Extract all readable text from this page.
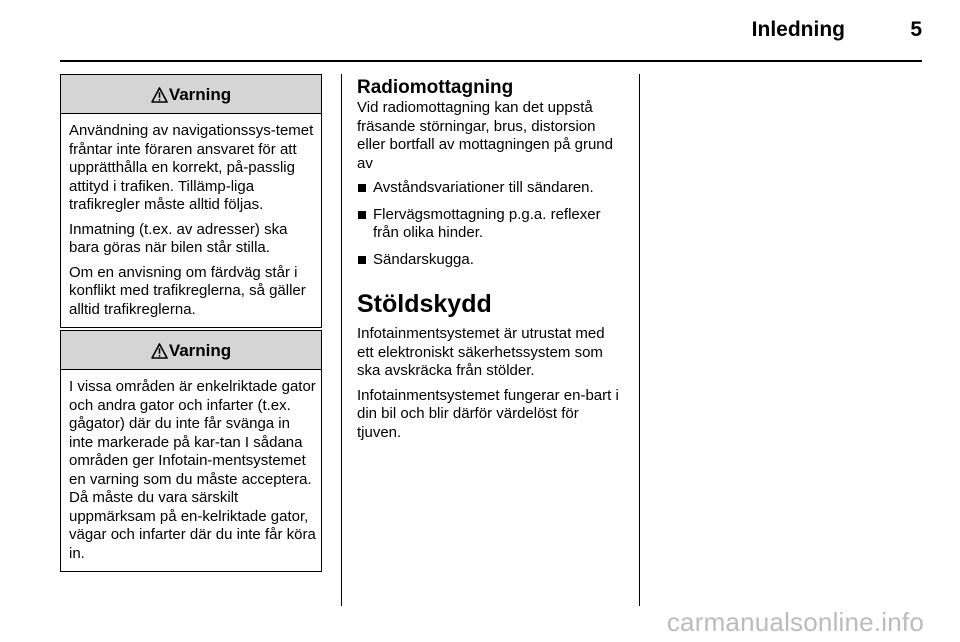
Inledning	5
Varning

Användning av navigationssys-temet fråntar inte föraren ansvaret för att upprätthålla en korrekt, på-passlig attityd i trafiken. Tillämp-liga trafikregler måste alltid följas.

Inmatning (t.ex. av adresser) ska bara göras när bilen står stilla.

Om en anvisning om färdväg står i konflikt med trafikreglerna, så gäller alltid trafikreglerna.

Varning

I vissa områden är enkelriktade gator och andra gator och infarter (t.ex. gågator) där du inte får svänga in inte markerade på kar-tan I sådana områden ger Infotain-mentsystemet en varning som du måste acceptera. Då måste du vara särskilt uppmärksam på en-kelriktade gator, vägar och infarter där du inte får köra in.

Radiomottagning

Vid radiomottagning kan det uppstå fräsande störningar, brus, distorsion eller bortfall av mottagningen på grund av

Avståndsvariationer till sändaren.
Flervägsmottagning p.g.a. reflexer från olika hinder.
Sändarskugga.
Stöldskydd

Infotainmentsystemet är utrustat med ett elektroniskt säkerhetssystem som ska avskräcka från stölder.

Infotainmentsystemet fungerar en-bart i din bil och blir därför värdelöst för tjuven.

carmanualsonline.info
